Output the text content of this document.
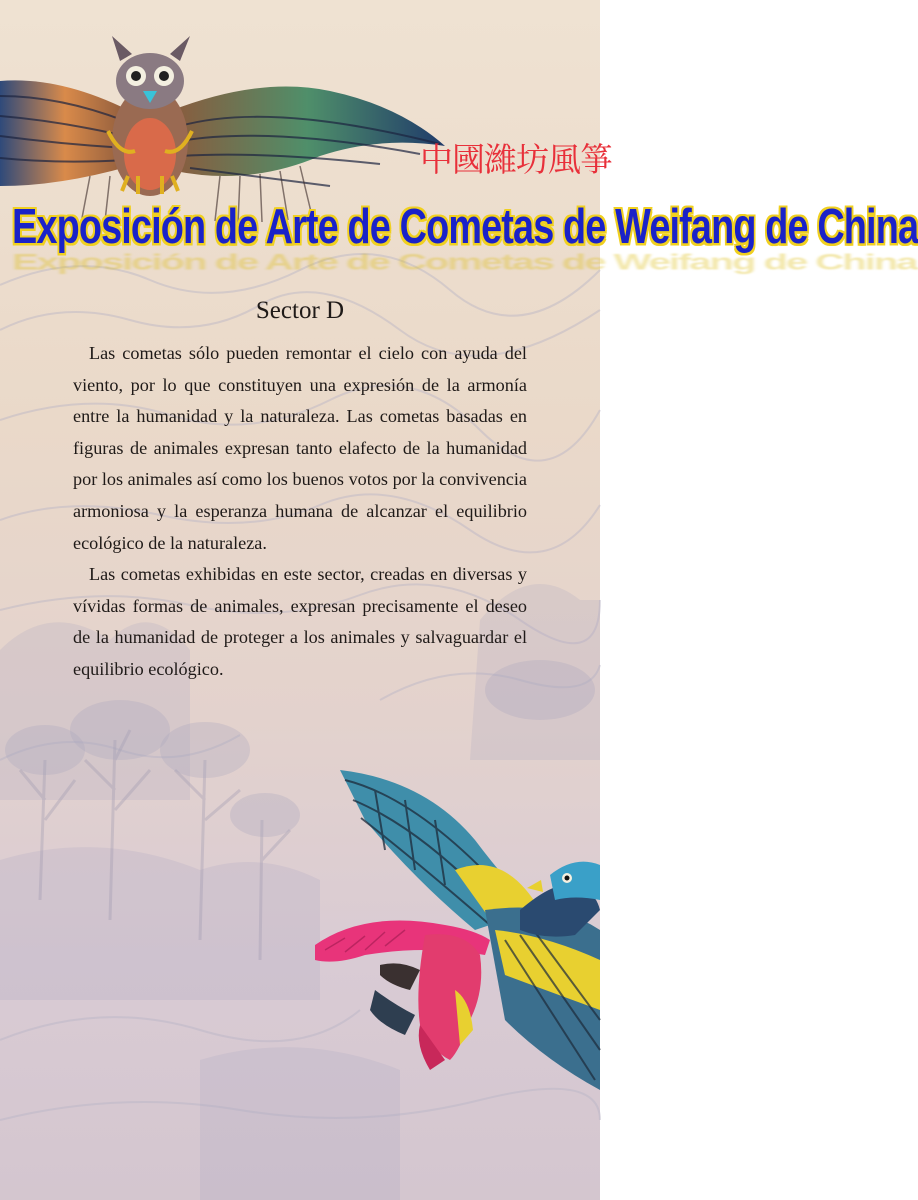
中國濰坊風箏
Exposición de Arte de Cometas de Weifang de China
Exposición de Arte de Cometas de Weifang de China
Sector D

Las cometas sólo pueden remontar el cielo con ayuda del viento, por lo que constituyen una expresión de la armonía entre la humanidad y la naturaleza. Las cometas basadas en figuras de animales expresan tanto elafecto de la humanidad por los animales así como los buenos votos por la convivencia armoniosa y la esperanza humana de alcanzar el equilibrio ecológico de la naturaleza.

Las cometas exhibidas en este sector, creadas en diversas y vívidas formas de animales, expresan precisamente el deseo de la humanidad de proteger a los animales y salvaguardar el equilibrio ecológico.
